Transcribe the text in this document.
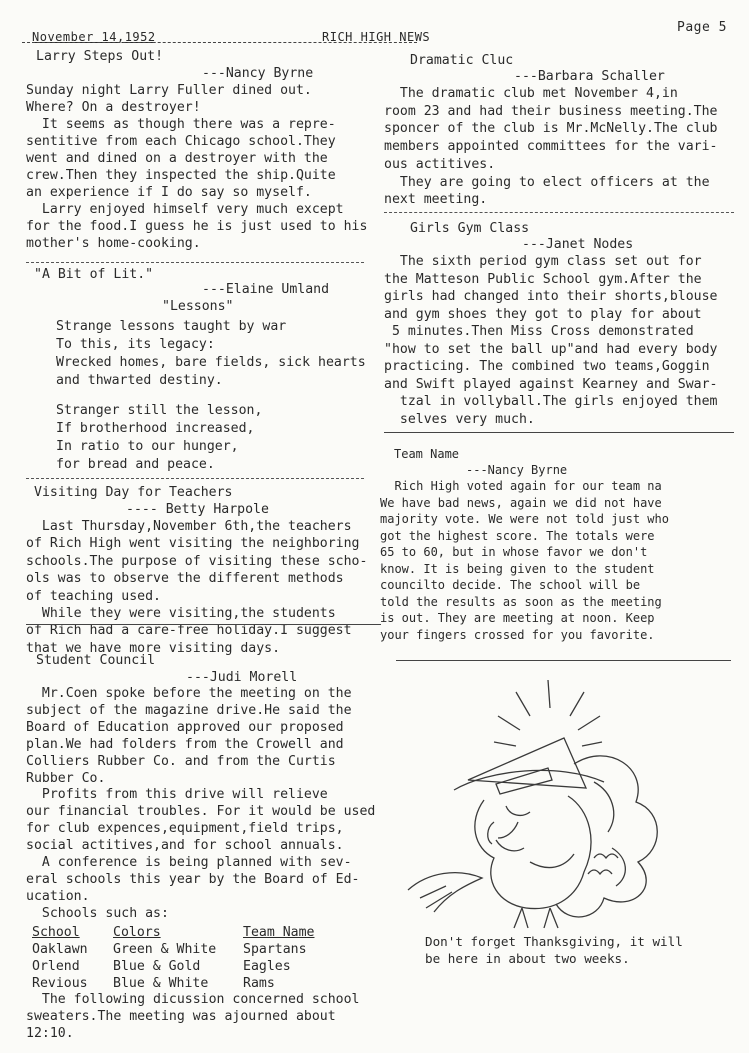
November 14,1952	RICH HIGH NEWS
Page 5

Larry Steps Out!

---Nancy Byrne

Sunday night Larry Fuller dined out.
Where? On a destroyer!
It seems as though there was a repre-
sentitive from each Chicago school.They
went and dined on a destroyer with the
crew.Then they inspected the ship.Quite
an experience if I do say so myself.
Larry enjoyed himself very much except
for the food.I guess he is just used to his
mother's home-cooking.

"A Bit of Lit."

---Elaine Umland

"Lessons"

Strange lessons taught by war
To this, its legacy:
Wrecked homes, bare fields, sick hearts
and thwarted destiny.

Stranger still the lesson,
If brotherhood increased,
In ratio to our hunger,
for bread and peace.

Visiting Day for Teachers

---- Betty Harpole

Last Thursday,November 6th,the teachers
of Rich High went visiting the neighboring
schools.The purpose of visiting these scho-
ols was to observe the different methods
of teaching used.
While they were visiting,the students
of Rich had a care-free holiday.I suggest
that we have more visiting days.

Student Council

---Judi Morell

Mr.Coen spoke before the meeting on the
subject of the magazine drive.He said the
Board of Education approved our proposed
plan.We had folders from the Crowell and
Colliers Rubber Co. and from the Curtis
Rubber Co.
Profits from this drive will relieve
our financial troubles. For it would be used
for club expences,equipment,field trips,
social actitives,and for school annuals.
A conference is being planned with sev-
eral schools this year by the Board of Ed-
ucation.
Schools such as:

School	Colors	Team Name
Oaklawn	Green & White	Spartans
Orlend	Blue & Gold	Eagles
Revious	Blue & White	Rams
The following dicussion concerned school
sweaters.The meeting was ajourned about
12:10.

Dramatic Cluc

---Barbara Schaller

The dramatic club met November 4,in
room 23 and had their business meeting.The
sponcer of the club is Mr.McNelly.The club
members appointed committees for the vari-
ous actitives.
They are going to elect officers at the
next meeting.

Girls Gym Class

---Janet Nodes

The sixth period gym class set out for
the Matteson Public School gym.After the
girls had changed into their shorts,blouse
and gym shoes they got to play for about
5 minutes.Then Miss Cross demonstrated
"how to set the ball up"and had every body
practicing. The combined two teams,Goggin
and Swift played against Kearney and Swar-
tzal in vollyball.The girls enjoyed them
selves very much.

Team Name

---Nancy Byrne

Rich High voted again for our team na
We have bad news, again we did not have
majority vote. We were not told just who
got the highest score. The totals were
65 to 60, but in whose favor we don't
know. It is being given to the student
councilto decide. The school will be
told the results as soon as the meeting
is out. They are meeting at noon. Keep
your fingers crossed for you favorite.

Don't forget Thanksgiving, it will
be here in about two weeks.
